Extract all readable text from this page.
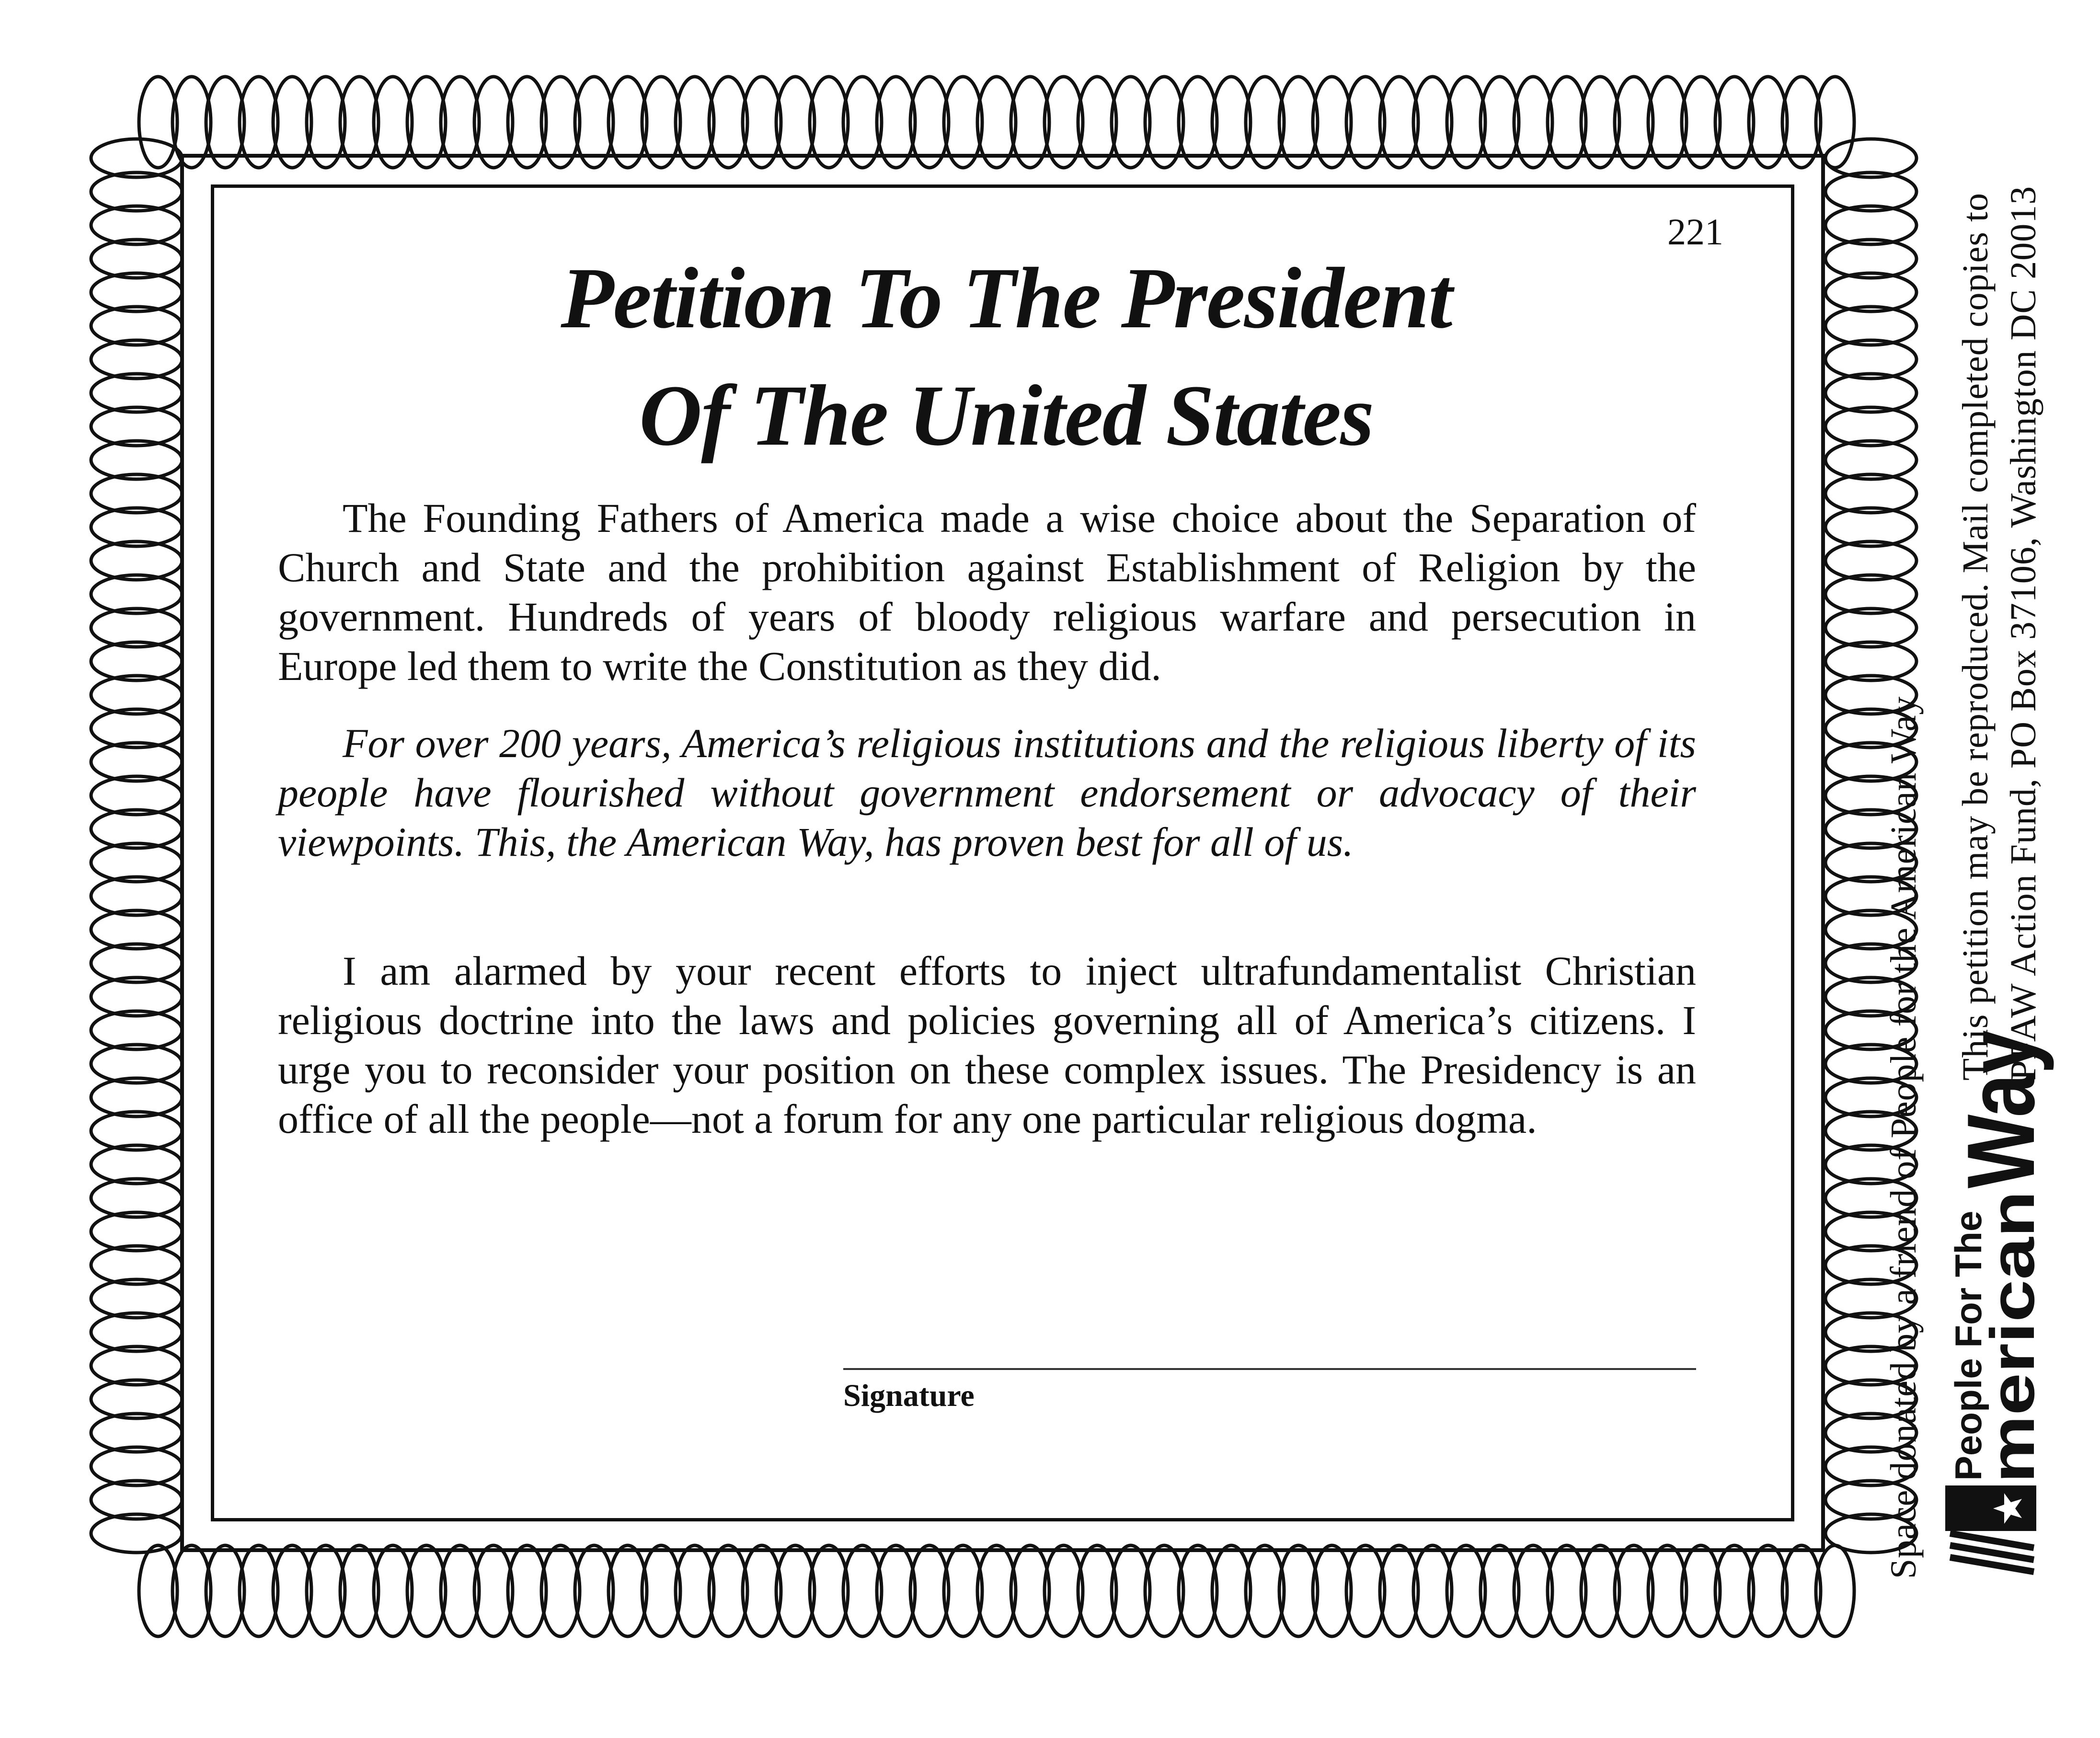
221
Petition To The President
Of The United States

The Founding Fathers of America made a wise choice about the Separation of Church and State and the prohibition against Establishment of Religion by the government. Hundreds of years of bloody religious warfare and persecution in Europe led them to write the Constitution as they did.

For over 200 years, America’s religious institutions and the religious liberty of its people have flourished without government endorsement or advocacy of their viewpoints. This, the American Way, has proven best for all of us.

I am alarmed by your recent efforts to inject ultrafundamentalist Christian religious doctrine into the laws and policies governing all of America’s citizens. I urge you to reconsider your position on these complex issues. The Presidency is an office of all the people—not a forum for any one particular religious dogma.

Signature	Space donated by a friend of People for the American Way People For The
merican
Way
This petition may be reproduced. Mail completed copies to PFAW Action Fund, PO Box 37106, Washington DC 20013
